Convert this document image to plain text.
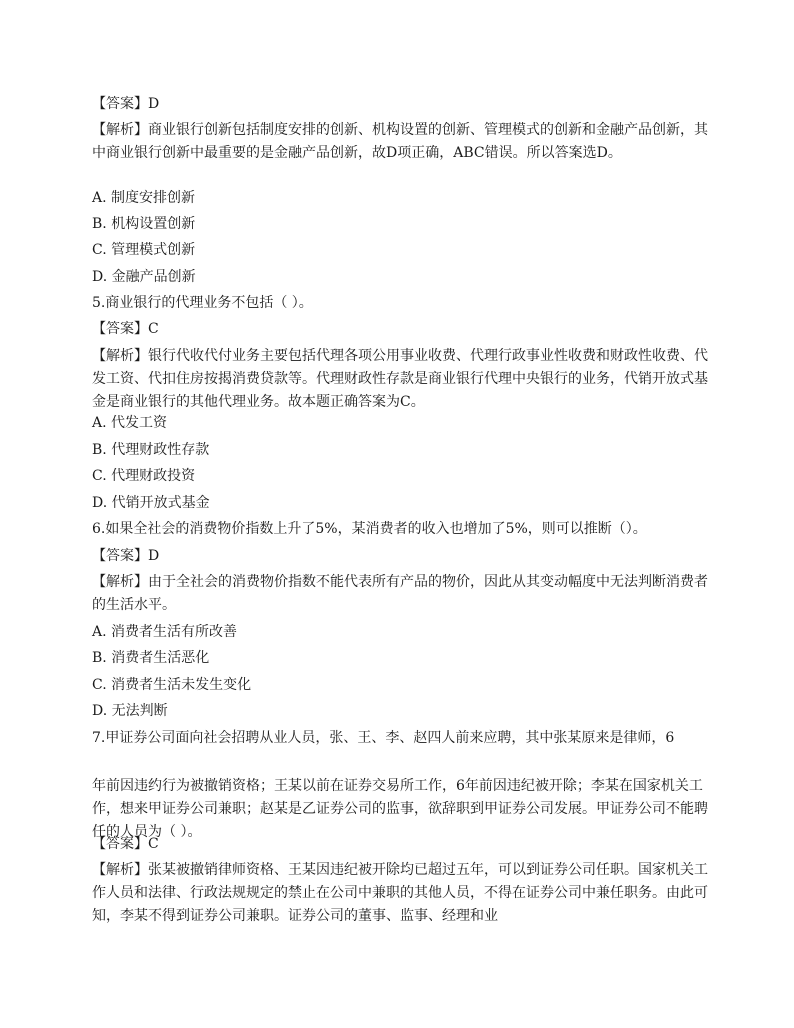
【答案】D

【解析】商业银行创新包括制度安排的创新、机构设置的创新、管理模式的创新和金融产品创新，其中商业银行创新中最重要的是金融产品创新，故D项正确，ABC错误。所以答案选D。

A. 制度安排创新

B. 机构设置创新

C. 管理模式创新

D. 金融产品创新

5.商业银行的代理业务不包括（ ）。

【答案】C

【解析】银行代收代付业务主要包括代理各项公用事业收费、代理行政事业性收费和财政性收费、代发工资、代扣住房按揭消费贷款等。代理财政性存款是商业银行代理中央银行的业务，代销开放式基金是商业银行的其他代理业务。故本题正确答案为C。

A. 代发工资

B. 代理财政性存款

C. 代理财政投资

D. 代销开放式基金

6.如果全社会的消费物价指数上升了5%，某消费者的收入也增加了5%，则可以推断（）。

【答案】D

【解析】由于全社会的消费物价指数不能代表所有产品的物价，因此从其变动幅度中无法判断消费者的生活水平。

A. 消费者生活有所改善

B. 消费者生活恶化

C. 消费者生活未发生变化

D. 无法判断

7.甲证券公司面向社会招聘从业人员，张、王、李、赵四人前来应聘，其中张某原来是律师，6

年前因违约行为被撤销资格；王某以前在证券交易所工作，6年前因违纪被开除；李某在国家机关工作，想来甲证券公司兼职；赵某是乙证券公司的监事，欲辞职到甲证券公司发展。甲证券公司不能聘任的人员为（ ）。

【答案】C

【解析】张某被撤销律师资格、王某因违纪被开除均已超过五年，可以到证券公司任职。国家机关工作人员和法律、行政法规规定的禁止在公司中兼职的其他人员，不得在证券公司中兼任职务。由此可知，李某不得到证券公司兼职。证券公司的董事、监事、经理和业
